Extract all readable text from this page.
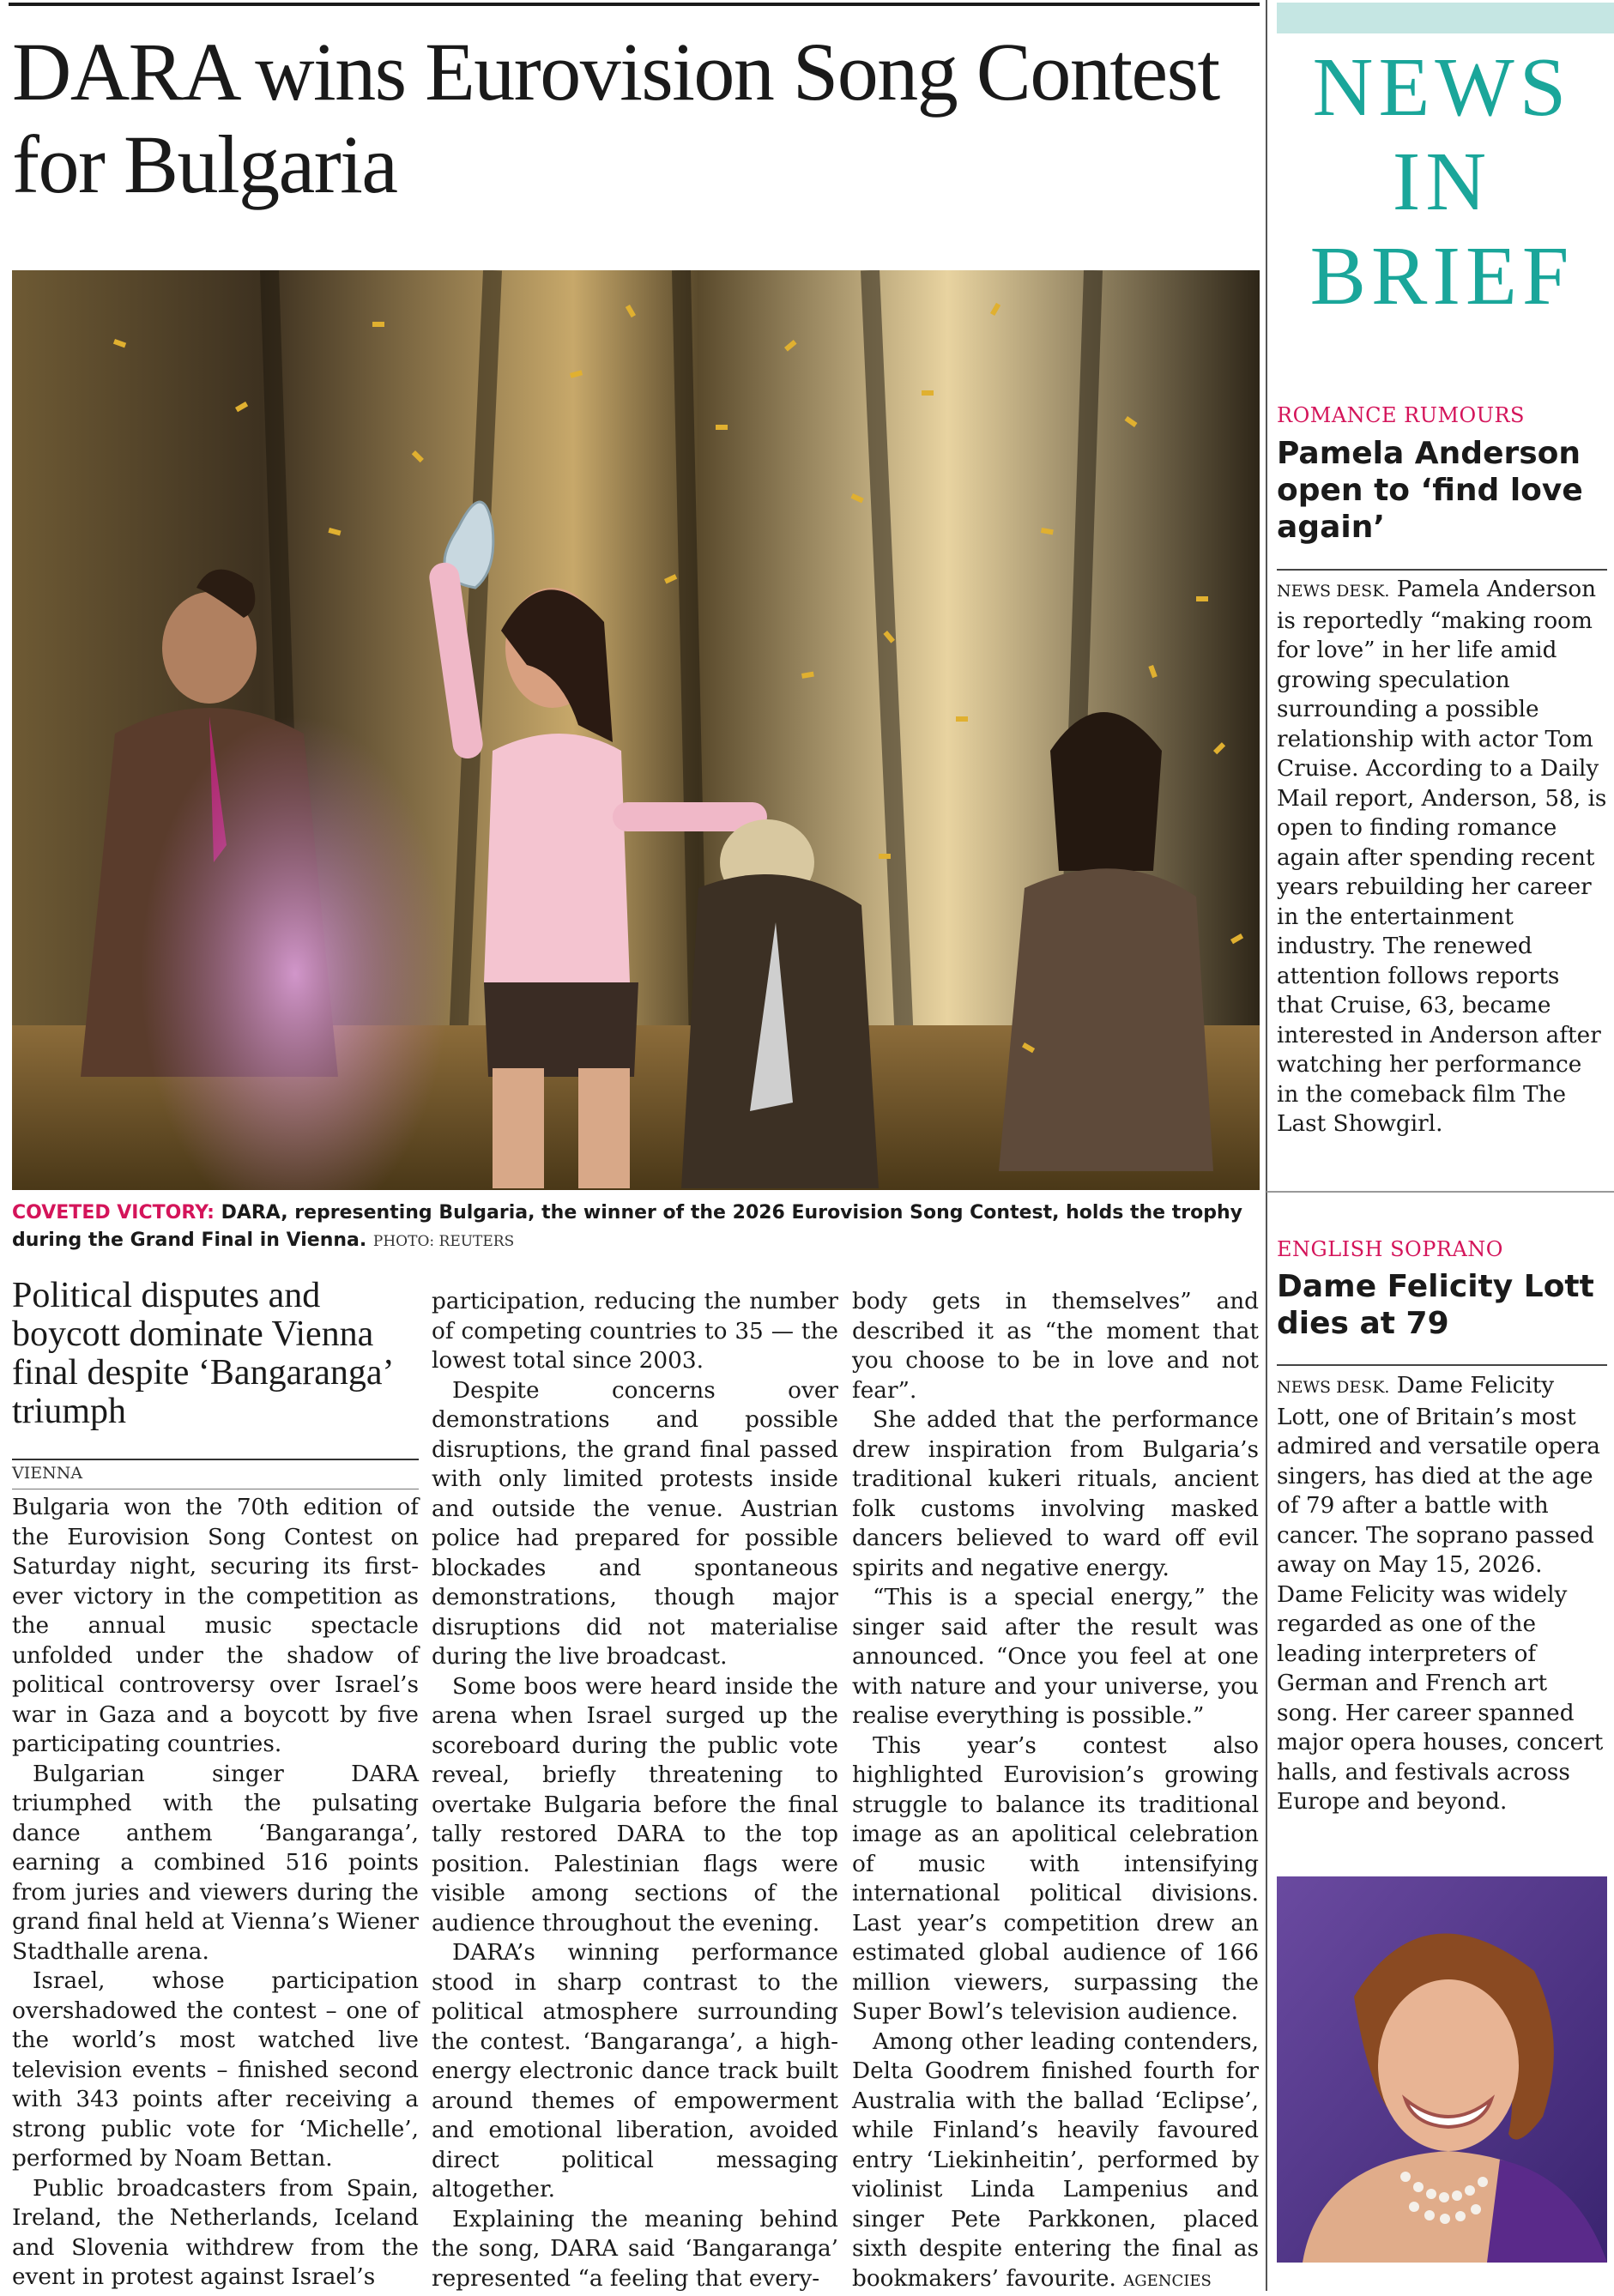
DARA wins Eurovision Song Contest for Bulgaria
COVETED VICTORY: DARA, representing Bulgaria, the winner of the 2026 Eurovision Song Contest, holds the trophy during the Grand Final in Vienna. PHOTO: REUTERS
Political disputes and boycott dominate Vienna final despite ‘Bangaranga’ triumph
VIENNA

Bulgaria won the 70th edition of the Eurovision Song Contest on Saturday night, securing its first-ever victory in the competition as the annual music spectacle unfolded under the shadow of political controversy over Israel’s war in Gaza and a boycott by five participating countries.

Bulgarian singer DARA triumphed with the pulsating dance anthem ‘Bangaranga’, earning a combined 516 points from juries and viewers during the grand final held at Vienna’s Wiener Stadthalle arena.

Israel, whose participation overshadowed the contest – one of the world’s most watched live television events – finished second with 343 points after receiving a strong public vote for ‘Michelle’, performed by Noam Bettan.

Public broadcasters from Spain, Ireland, the Netherlands, Iceland and Slovenia withdrew from the event in protest against Israel’s

participation, reducing the number of competing countries to 35 — the lowest total since 2003.

Despite concerns over demonstrations and possible disruptions, the grand final passed with only limited protests inside and outside the venue. Austrian police had prepared for possible blockades and spontaneous demonstrations, though major disruptions did not materialise during the live broadcast.

Some boos were heard inside the arena when Israel surged up the scoreboard during the public vote reveal, briefly threatening to overtake Bulgaria before the final tally restored DARA to the top position. Palestinian flags were visible among sections of the audience throughout the evening.

DARA’s winning performance stood in sharp contrast to the political atmosphere surrounding the contest. ‘Bangaranga’, a high-energy electronic dance track built around themes of empowerment and emotional liberation, avoided direct political messaging altogether.

Explaining the meaning behind the song, DARA said ‘Bangaranga’ represented “a feeling that every-

body gets in themselves” and described it as “the moment that you choose to be in love and not fear”.

She added that the performance drew inspiration from Bulgaria’s traditional kukeri rituals, ancient folk customs involving masked dancers believed to ward off evil spirits and negative energy.

“This is a special energy,” the singer said after the result was announced. “Once you feel at one with nature and your universe, you realise everything is possible.”

This year’s contest also highlighted Eurovision’s growing struggle to balance its traditional image as an apolitical celebration of music with intensifying international political divisions. Last year’s competition drew an estimated global audience of 166 million viewers, surpassing the Super Bowl’s television audience.

Among other leading contenders, Delta Goodrem finished fourth for Australia with the ballad ‘Eclipse’, while Finland’s heavily favoured entry ‘Liekinheitin’, performed by violinist Linda Lampenius and singer Pete Parkkonen, placed sixth despite entering the final as bookmakers’ favourite. AGENCIES

NEWS
IN
BRIEF
ROMANCE RUMOURS
Pamela Anderson open to ‘find love again’
NEWS DESK. Pamela Anderson is reportedly “making room for love” in her life amid growing speculation surrounding a possible relationship with actor Tom Cruise. According to a Daily Mail report, Anderson, 58, is open to finding romance again after spending recent years rebuilding her career in the entertainment industry. The renewed attention follows reports that Cruise, 63, became interested in Anderson after watching her performance in the comeback film The Last Showgirl.
ENGLISH SOPRANO
Dame Felicity Lott dies at 79
NEWS DESK. Dame Felicity Lott, one of Britain’s most admired and versatile opera singers, has died at the age of 79 after a battle with cancer. The soprano passed away on May 15, 2026. Dame Felicity was widely regarded as one of the leading interpreters of German and French art song. Her career spanned major opera houses, concert halls, and festivals across Europe and beyond.
